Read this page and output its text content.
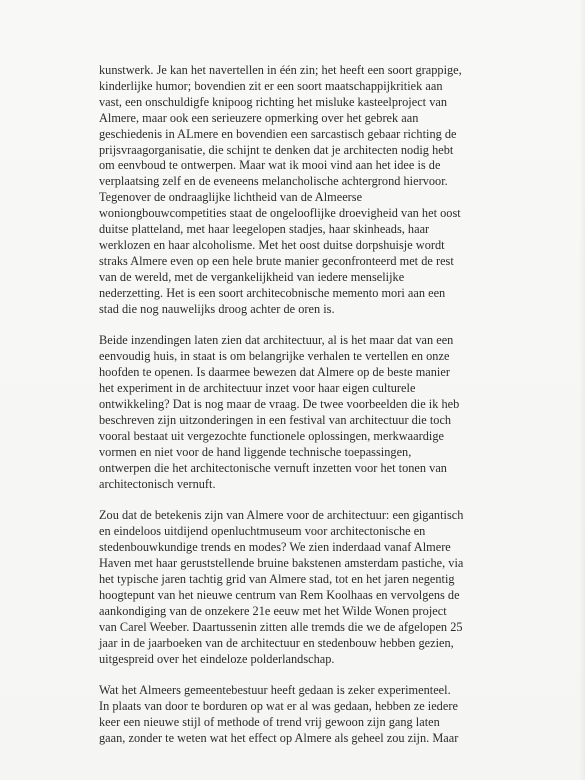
kunstwerk. Je kan het navertellen in één zin; het heeft een soort grappige,
kinderlijke humor; bovendien zit er een soort maatschappijkritiek aan
vast, een onschuldigfe knipoog richting het misluke kasteelproject van
Almere, maar ook een serieuzere opmerking over het gebrek aan
geschiedenis in ALmere en bovendien een sarcastisch gebaar richting de
prijsvraagorganisatie, die schijnt te denken dat je architecten nodig hebt
om eenvboud te ontwerpen. Maar wat ik mooi vind aan het idee is de
verplaatsing zelf en de eveneens melancholische achtergrond hiervoor.
Tegenover de ondraaglijke lichtheid van de Almeerse
woniongbouwcompetities staat de ongelooflijke droevigheid van het oost
duitse platteland, met haar leegelopen stadjes, haar skinheads, haar
werklozen en haar alcoholisme. Met het oost duitse dorpshuisje wordt
straks Almere even op een hele brute manier geconfronteerd met de rest
van de wereld, met de vergankelijkheid van iedere menselijke
nederzetting. Het is een soort architecobnische memento mori aan een
stad die nog nauwelijks droog achter de oren is.

Beide inzendingen laten zien dat architectuur, al is het maar dat van een
eenvoudig huis, in staat is om belangrijke verhalen te vertellen en onze
hoofden te openen. Is daarmee bewezen dat Almere op de beste manier
het experiment in de architectuur inzet voor haar eigen culturele
ontwikkeling? Dat is nog maar de vraag. De twee voorbeelden die ik heb
beschreven zijn uitzonderingen in een festival van architectuur die toch
vooral bestaat uit vergezochte functionele oplossingen, merkwaardige
vormen en niet voor de hand liggende technische toepassingen,
ontwerpen die het architectonische vernuft inzetten voor het tonen van
architectonisch vernuft.

Zou dat de betekenis zijn van Almere voor de architectuur: een gigantisch
en eindeloos uitdijend openluchtmuseum voor architectonische en
stedenbouwkundige trends en modes? We zien inderdaad vanaf Almere
Haven met haar geruststellende bruine bakstenen amsterdam pastiche, via
het typische jaren tachtig grid van Almere stad, tot en het jaren negentig
hoogtepunt van het nieuwe centrum van Rem Koolhaas en vervolgens de
aankondiging van de onzekere 21e eeuw met het Wilde Wonen project
van Carel Weeber. Daartussenin zitten alle tremds die we de afgelopen 25
jaar in de jaarboeken van de architectuur en stedenbouw hebben gezien,
uitgespreid over het eindeloze polderlandschap.

Wat het Almeers gemeentebestuur heeft gedaan is zeker experimenteel.
In plaats van door te borduren op wat er al was gedaan, hebben ze iedere
keer een nieuwe stijl of methode of trend vrij gewoon zijn gang laten
gaan, zonder te weten wat het effect op Almere als geheel zou zijn. Maar
